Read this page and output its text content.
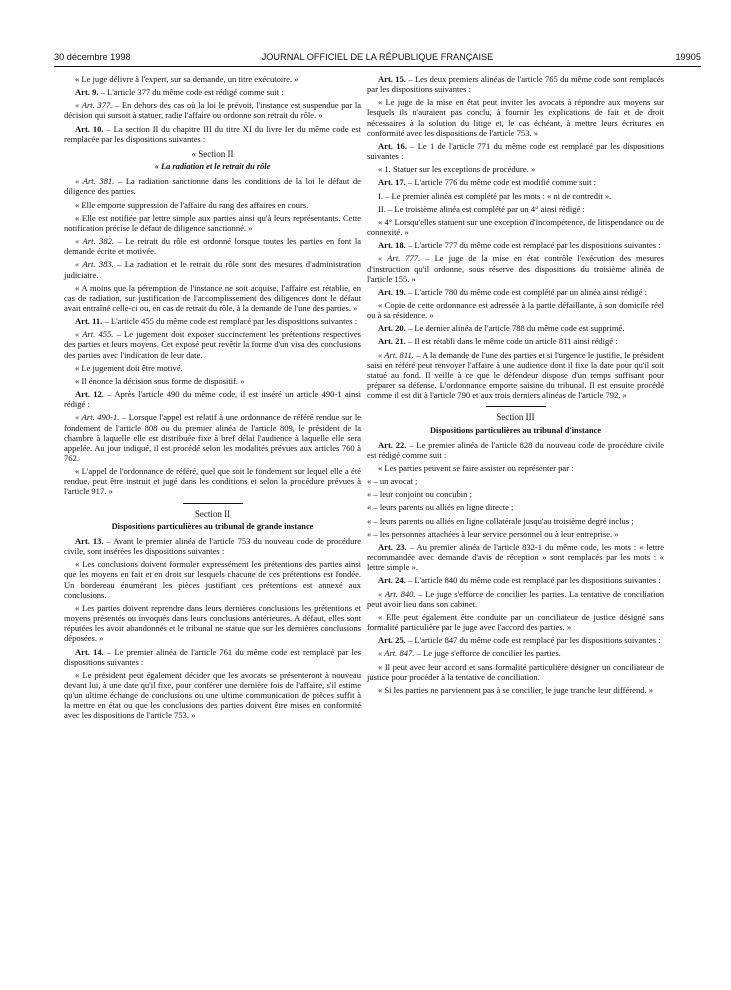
30 décembre 1998	JOURNAL OFFICIEL DE LA RÉPUBLIQUE FRANÇAISE	19905

« Le juge délivre à l'expert, sur sa demande, un titre exécutoire. »

Art. 9. – L'article 377 du même code est rédigé comme suit :

« Art. 377. – En dehors des cas où la loi le prévoit, l'instance est suspendue par la décision qui sursoit à statuer, radie l'affaire ou ordonne son retrait du rôle. »

Art. 10. – La section II du chapitre III du titre XI du livre Ier du même code est remplacée par les dispositions suivantes :

« Section II

« La radiation et le retrait du rôle

« Art. 381. – La radiation sanctionne dans les conditions de la loi le défaut de diligence des parties.

« Elle emporte suppression de l'affaire du rang des affaires en cours.

« Elle est notifiée par lettre simple aux parties ainsi qu'à leurs représentants. Cette notification précise le défaut de diligence sanctionné. »

« Art. 382. – Le retrait du rôle est ordonné lorsque toutes les parties en font la demande écrite et motivée.

« Art. 383. – La radiation et le retrait du rôle sont des mesures d'administration judiciaire.

« A moins que la péremption de l'instance ne soit acquise, l'affaire est rétablie, en cas de radiation, sur justification de l'accomplissement des diligences dont le défaut avait entraîné celle-ci ou, en cas de retrait du rôle, à la demande de l'une des parties. »

Art. 11. – L'article 455 du même code est remplacé par les dispositions suivantes :

« Art. 455. – Le jugement doit exposer succinctement les prétentions respectives des parties et leurs moyens. Cet exposé peut revêtir la forme d'un visa des conclusions des parties avec l'indication de leur date.

« Le jugement doit être motivé.

« Il énonce la décision sous forme de dispositif. »

Art. 12. – Après l'article 490 du même code, il est inséré un article 490-1 ainsi rédigé :

« Art. 490-1. – Lorsque l'appel est relatif à une ordonnance de référé rendue sur le fondement de l'article 808 ou du premier alinéa de l'article 809, le président de la chambre à laquelle elle est distribuée fixe à bref délai l'audience à laquelle elle sera appelée. Au jour indiqué, il est procédé selon les modalités prévues aux articles 760 à 762.

« L'appel de l'ordonnance de référé, quel que soit le fondement sur lequel elle a été rendue, peut être instruit et jugé dans les conditions et selon la procédure prévues à l'article 917. »

Section II

Dispositions particulières au tribunal de grande instance

Art. 13. – Avant le premier alinéa de l'article 753 du nouveau code de procédure civile, sont insérées les dispositions suivantes :

« Les conclusions doivent formuler expressément les prétentions des parties ainsi que les moyens en fait et en droit sur lesquels chacune de ces prétentions est fondée. Un bordereau énumérant les pièces justifiant ces prétentions est annexé aux conclusions.

« Les parties doivent reprendre dans leurs dernières conclusions les prétentions et moyens présentés ou invoqués dans leurs conclusions antérieures. A défaut, elles sont réputées les avoir abandonnés et le tribunal ne statue que sur les dernières conclusions déposées. »

Art. 14. – Le premier alinéa de l'article 761 du même code est remplacé par les dispositions suivantes :

« Le président peut également décider que les avocats se présenteront à nouveau devant lui, à une date qu'il fixe, pour conférer une dernière fois de l'affaire, s'il estime qu'un ultime échange de conclusions ou une ultime communication de pièces suffit à la mettre en état ou que les conclusions des parties doivent être mises en conformité avec les dispositions de l'article 753. »

Art. 15. – Les deux premiers alinéas de l'article 765 du même code sont remplacés par les dispositions suivantes :

« Le juge de la mise en état peut inviter les avocats à répondre aux moyens sur lesquels ils n'auraient pas conclu, à fournir les explications de fait et de droit nécessaires à la solution du litige et, le cas échéant, à mettre leurs écritures en conformité avec les dispositions de l'article 753. »

Art. 16. – Le 1 de l'article 771 du même code est remplacé par les dispositions suivantes :

« 1. Statuer sur les exceptions de procédure. »

Art. 17. – L'article 776 du même code est modifié comme suit :

I. – Le premier alinéa est complété par les mots : « ni de contredit ».

II. – Le troisième alinéa est complété par un 4° ainsi rédigé :

« 4° Lorsqu'elles statuent sur une exception d'incompétence, de litispendance ou de connexité. »

Art. 18. – L'article 777 du même code est remplacé par les dispositions suivantes :

« Art. 777. – Le juge de la mise en état contrôle l'exécution des mesures d'instruction qu'il ordonne, sous réserve des dispositions du troisième alinéa de l'article 155. »

Art. 19. – L'article 780 du même code est complété par un alinéa ainsi rédigé :

« Copie de cette ordonnance est adressée à la partie défaillante, à son domicile réel ou à sa résidence. »

Art. 20. – Le dernier alinéa de l'article 788 du même code est supprimé.

Art. 21. – Il est rétabli dans le même code un article 811 ainsi rédigé :

« Art. 811. – A la demande de l'une des parties et si l'urgence le justifie, le président saisi en référé peut renvoyer l'affaire à une audience dont il fixe la date pour qu'il soit statué au fond. Il veille à ce que le défendeur dispose d'un temps suffisant pour préparer sa défense. L'ordonnance emporte saisine du tribunal. Il est ensuite procédé comme il est dit à l'article 790 et aux trois derniers alinéas de l'article 792. »

Section III

Dispositions particulières au tribunal d'instance

Art. 22. – Le premier alinéa de l'article 828 du nouveau code de procédure civile est rédigé comme suit :

« Les parties peuvent se faire assister ou représenter par :

« – un avocat ;

« – leur conjoint ou concubin ;

« – leurs parents ou alliés en ligne directe ;

« – leurs parents ou alliés en ligne collatérale jusqu'au troisième degré inclus ;

« – les personnes attachées à leur service personnel ou à leur entreprise. »

Art. 23. – Au premier alinéa de l'article 832-1 du même code, les mots : « lettre recommandée avec demande d'avis de réception » sont remplacés par les mots : « lettre simple ».

Art. 24. – L'article 840 du même code est remplacé par les dispositions suivantes :

« Art. 840. – Le juge s'efforce de concilier les parties. La tentative de conciliation peut avoir lieu dans son cabinet.

« Elle peut également être conduite par un conciliateur de justice désigné sans formalité particulière par le juge avec l'accord des parties. »

Art. 25. – L'article 847 du même code est remplacé par les dispositions suivantes :

« Art. 847. – Le juge s'efforce de concilier les parties.

« Il peut avec leur accord et sans formalité particulière désigner un conciliateur de justice pour procéder à la tentative de conciliation.

« Si les parties ne parviennent pas à se concilier, le juge tranche leur différend. »
